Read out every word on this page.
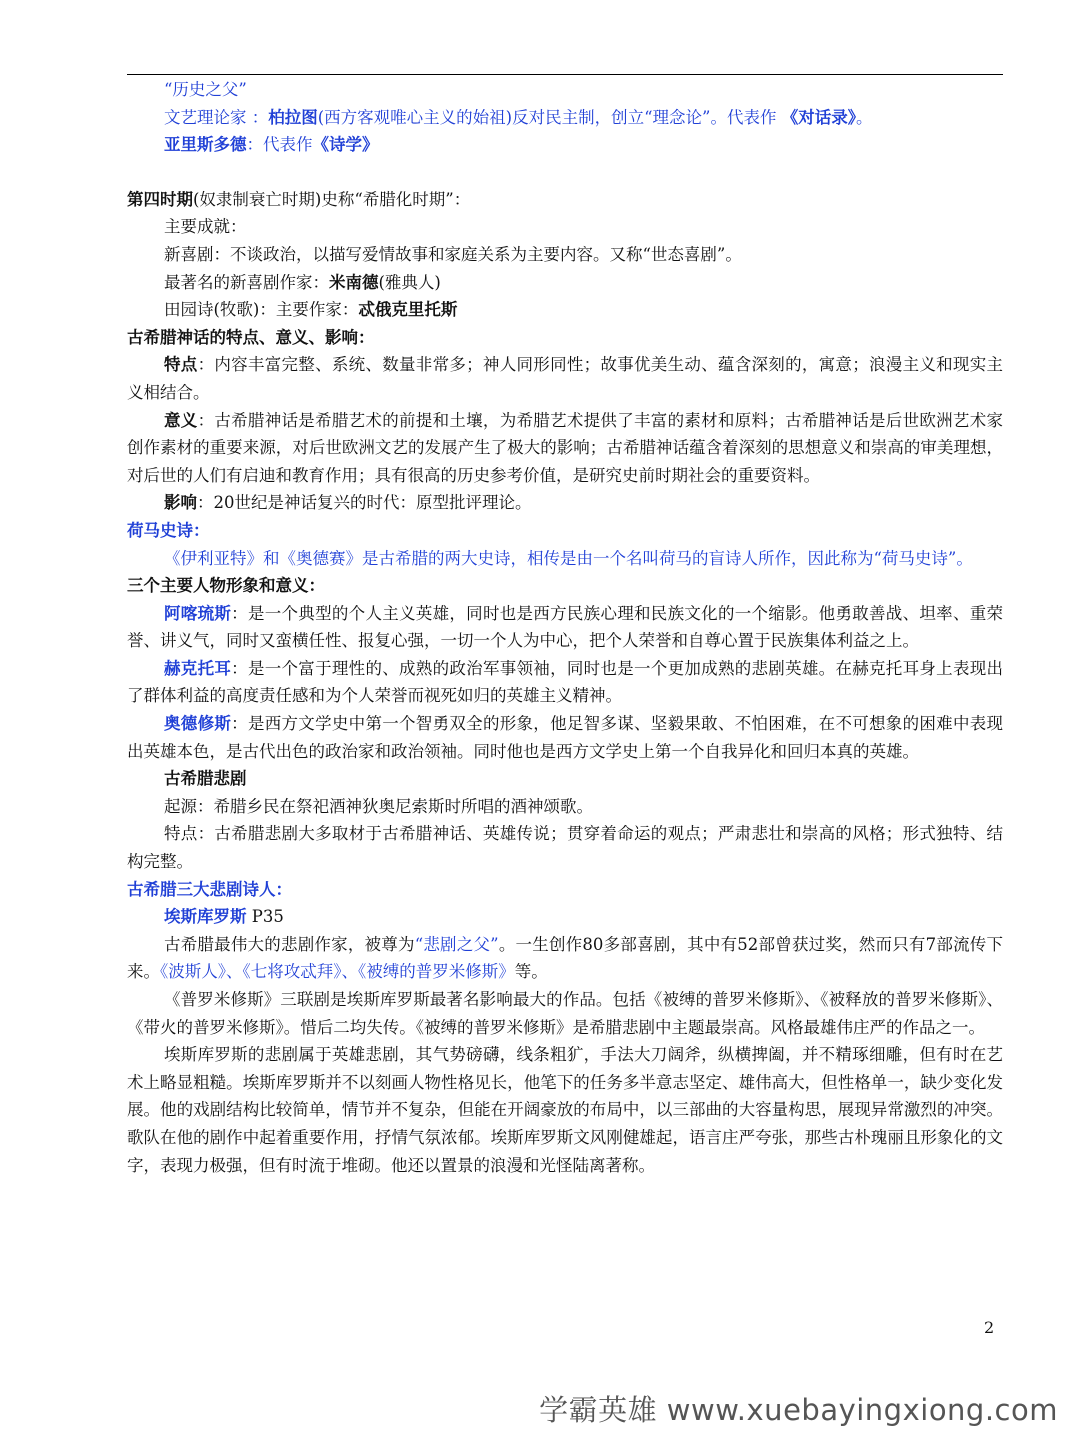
“历史之父”

文艺理论家 ：柏拉图(西方客观唯心主义的始祖)反对民主制，创立“理念论”。代表作 《对话录》。

亚里斯多德：代表作《诗学》

第四时期(奴隶制衰亡时期)史称“希腊化时期”：

主要成就：

新喜剧：不谈政治，以描写爱情故事和家庭关系为主要内容。又称“世态喜剧”。

最著名的新喜剧作家：米南德(雅典人)

田园诗(牧歌)：主要作家：忒俄克里托斯

古希腊神话的特点、意义、影响：

特点：内容丰富完整、系统、数量非常多；神人同形同性；故事优美生动、蕴含深刻的，寓意；浪漫主义和现实主义相结合。

意义：古希腊神话是希腊艺术的前提和土壤，为希腊艺术提供了丰富的素材和原料；古希腊神话是后世欧洲艺术家创作素材的重要来源，对后世欧洲文艺的发展产生了极大的影响；古希腊神话蕴含着深刻的思想意义和崇高的审美理想，对后世的人们有启迪和教育作用；具有很高的历史参考价值，是研究史前时期社会的重要资料。

影响：20世纪是神话复兴的时代：原型批评理论。

荷马史诗：

《伊利亚特》和《奥德赛》是古希腊的两大史诗，相传是由一个名叫荷马的盲诗人所作，因此称为“荷马史诗”。

三个主要人物形象和意义：

阿喀琉斯：是一个典型的个人主义英雄，同时也是西方民族心理和民族文化的一个缩影。他勇敢善战、坦率、重荣誉、讲义气，同时又蛮横任性、报复心强，一切一个人为中心，把个人荣誉和自尊心置于民族集体利益之上。

赫克托耳：是一个富于理性的、成熟的政治军事领袖，同时也是一个更加成熟的悲剧英雄。在赫克托耳身上表现出了群体利益的高度责任感和为个人荣誉而视死如归的英雄主义精神。

奥德修斯：是西方文学史中第一个智勇双全的形象，他足智多谋、坚毅果敢、不怕困难，在不可想象的困难中表现出英雄本色，是古代出色的政治家和政治领袖。同时他也是西方文学史上第一个自我异化和回归本真的英雄。

古希腊悲剧

起源：希腊乡民在祭祀酒神狄奥尼索斯时所唱的酒神颂歌。

特点：古希腊悲剧大多取材于古希腊神话、英雄传说；贯穿着命运的观点；严肃悲壮和崇高的风格；形式独特、结构完整。

古希腊三大悲剧诗人：

埃斯库罗斯 P35

古希腊最伟大的悲剧作家，被尊为“悲剧之父”。一生创作80多部喜剧，其中有52部曾获过奖，然而只有7部流传下来。《波斯人》、《七将攻忒拜》、《被缚的普罗米修斯》等。

《普罗米修斯》三联剧是埃斯库罗斯最著名影响最大的作品。包括《被缚的普罗米修斯》、《被释放的普罗米修斯》、《带火的普罗米修斯》。惜后二均失传。《被缚的普罗米修斯》是希腊悲剧中主题最崇高。风格最雄伟庄严的作品之一。

埃斯库罗斯的悲剧属于英雄悲剧，其气势磅礴，线条粗犷，手法大刀阔斧，纵横捭阖，并不精琢细雕，但有时在艺术上略显粗糙。埃斯库罗斯并不以刻画人物性格见长，他笔下的任务多半意志坚定、雄伟高大，但性格单一，缺少变化发展。他的戏剧结构比较简单，情节并不复杂，但能在开阔豪放的布局中，以三部曲的大容量构思，展现异常激烈的冲突。歌队在他的剧作中起着重要作用，抒情气氛浓郁。埃斯库罗斯文风刚健雄起，语言庄严夸张，那些古朴瑰丽且形象化的文字，表现力极强，但有时流于堆砌。他还以置景的浪漫和光怪陆离著称。

2
学霸英雄 www.xuebayingxiong.com
